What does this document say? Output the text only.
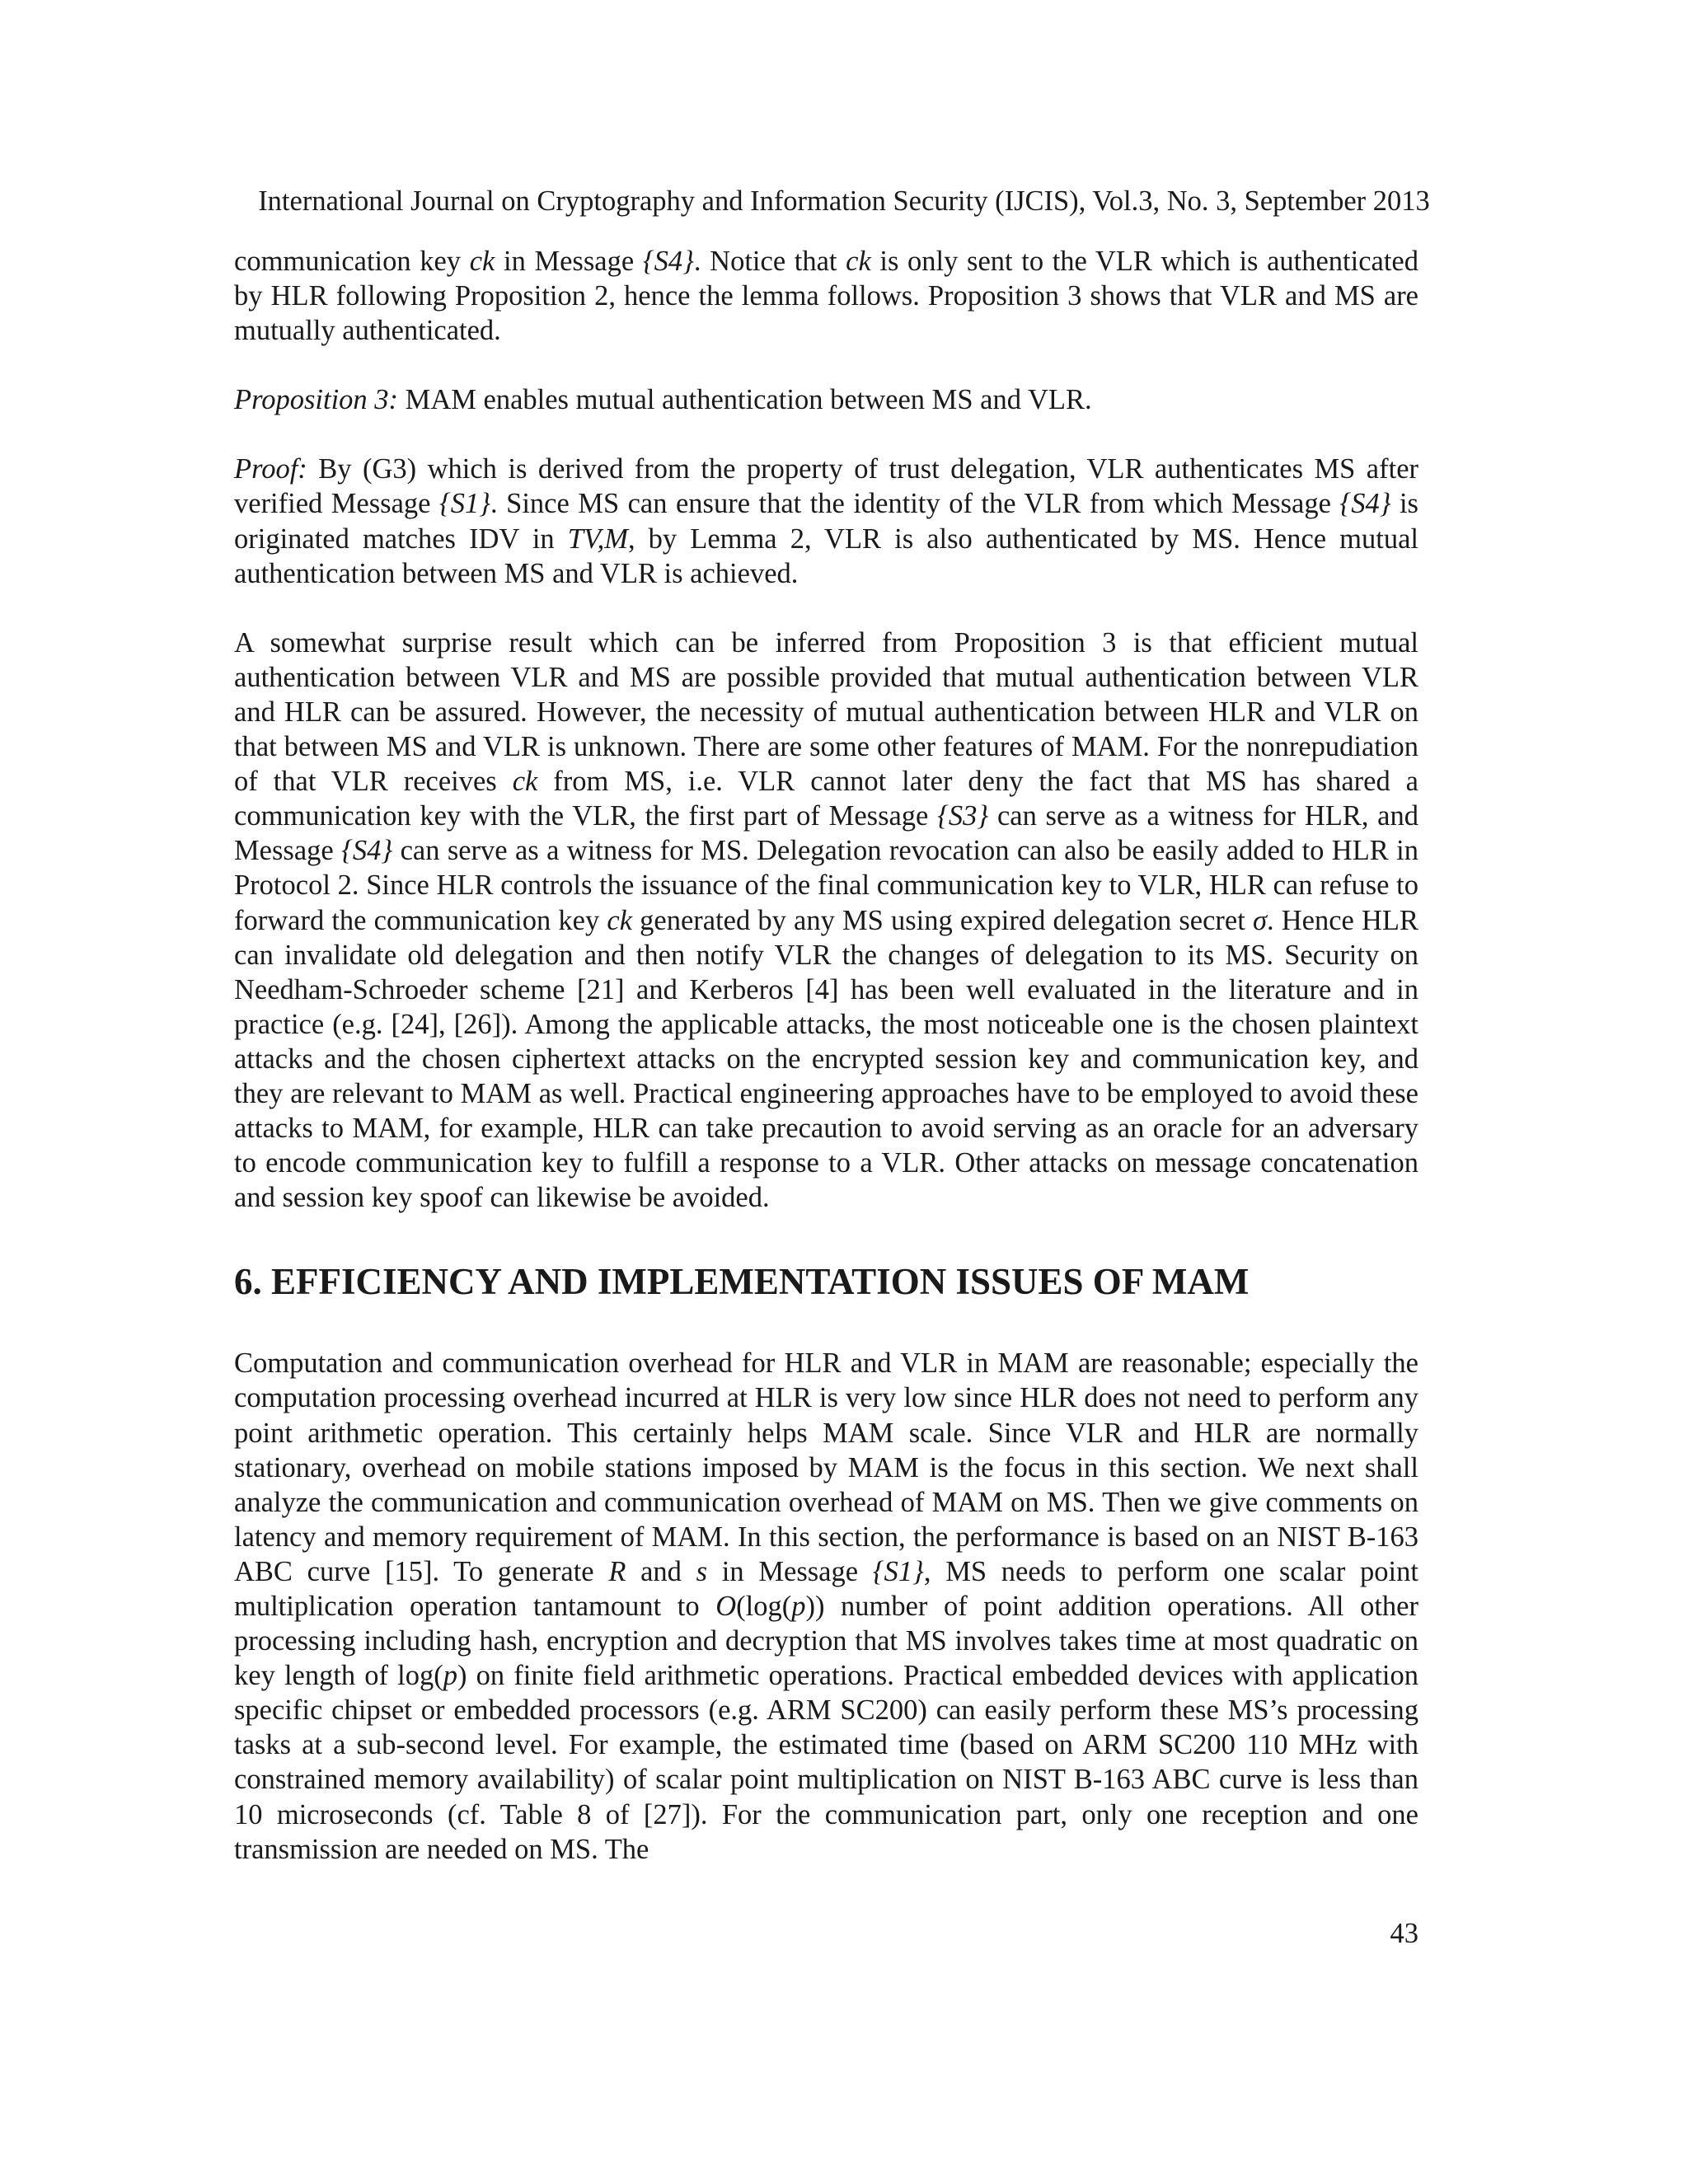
International Journal on Cryptography and Information Security (IJCIS), Vol.3, No. 3, September 2013

communication key ck in Message {S4}. Notice that ck is only sent to the VLR which is authenticated by HLR following Proposition 2, hence the lemma follows. Proposition 3 shows that VLR and MS are mutually authenticated.

Proposition 3: MAM enables mutual authentication between MS and VLR.

Proof: By (G3) which is derived from the property of trust delegation, VLR authenticates MS after verified Message {S1}. Since MS can ensure that the identity of the VLR from which Message {S4} is originated matches IDV in TV,M, by Lemma 2, VLR is also authenticated by MS. Hence mutual authentication between MS and VLR is achieved.

A somewhat surprise result which can be inferred from Proposition 3 is that efficient mutual authentication between VLR and MS are possible provided that mutual authentication between VLR and HLR can be assured. However, the necessity of mutual authentication between HLR and VLR on that between MS and VLR is unknown. There are some other features of MAM. For the nonrepudiation of that VLR receives ck from MS, i.e. VLR cannot later deny the fact that MS has shared a communication key with the VLR, the first part of Message {S3} can serve as a witness for HLR, and Message {S4} can serve as a witness for MS. Delegation revocation can also be easily added to HLR in Protocol 2. Since HLR controls the issuance of the final communication key to VLR, HLR can refuse to forward the communication key ck generated by any MS using expired delegation secret σ. Hence HLR can invalidate old delegation and then notify VLR the changes of delegation to its MS. Security on Needham-Schroeder scheme [21] and Kerberos [4] has been well evaluated in the literature and in practice (e.g. [24], [26]). Among the applicable attacks, the most noticeable one is the chosen plaintext attacks and the chosen ciphertext attacks on the encrypted session key and communication key, and they are relevant to MAM as well. Practical engineering approaches have to be employed to avoid these attacks to MAM, for example, HLR can take precaution to avoid serving as an oracle for an adversary to encode communication key to fulfill a response to a VLR. Other attacks on message concatenation and session key spoof can likewise be avoided.

6. EFFICIENCY AND IMPLEMENTATION ISSUES OF MAM

Computation and communication overhead for HLR and VLR in MAM are reasonable; especially the computation processing overhead incurred at HLR is very low since HLR does not need to perform any point arithmetic operation. This certainly helps MAM scale. Since VLR and HLR are normally stationary, overhead on mobile stations imposed by MAM is the focus in this section. We next shall analyze the communication and communication overhead of MAM on MS. Then we give comments on latency and memory requirement of MAM. In this section, the performance is based on an NIST B-163 ABC curve [15]. To generate R and s in Message {S1}, MS needs to perform one scalar point multiplication operation tantamount to O(log(p)) number of point addition operations. All other processing including hash, encryption and decryption that MS involves takes time at most quadratic on key length of log(p) on finite field arithmetic operations. Practical embedded devices with application specific chipset or embedded processors (e.g. ARM SC200) can easily perform these MS’s processing tasks at a sub-second level. For example, the estimated time (based on ARM SC200 110 MHz with constrained memory availability) of scalar point multiplication on NIST B-163 ABC curve is less than 10 microseconds (cf. Table 8 of [27]). For the communication part, only one reception and one transmission are needed on MS. The

43
